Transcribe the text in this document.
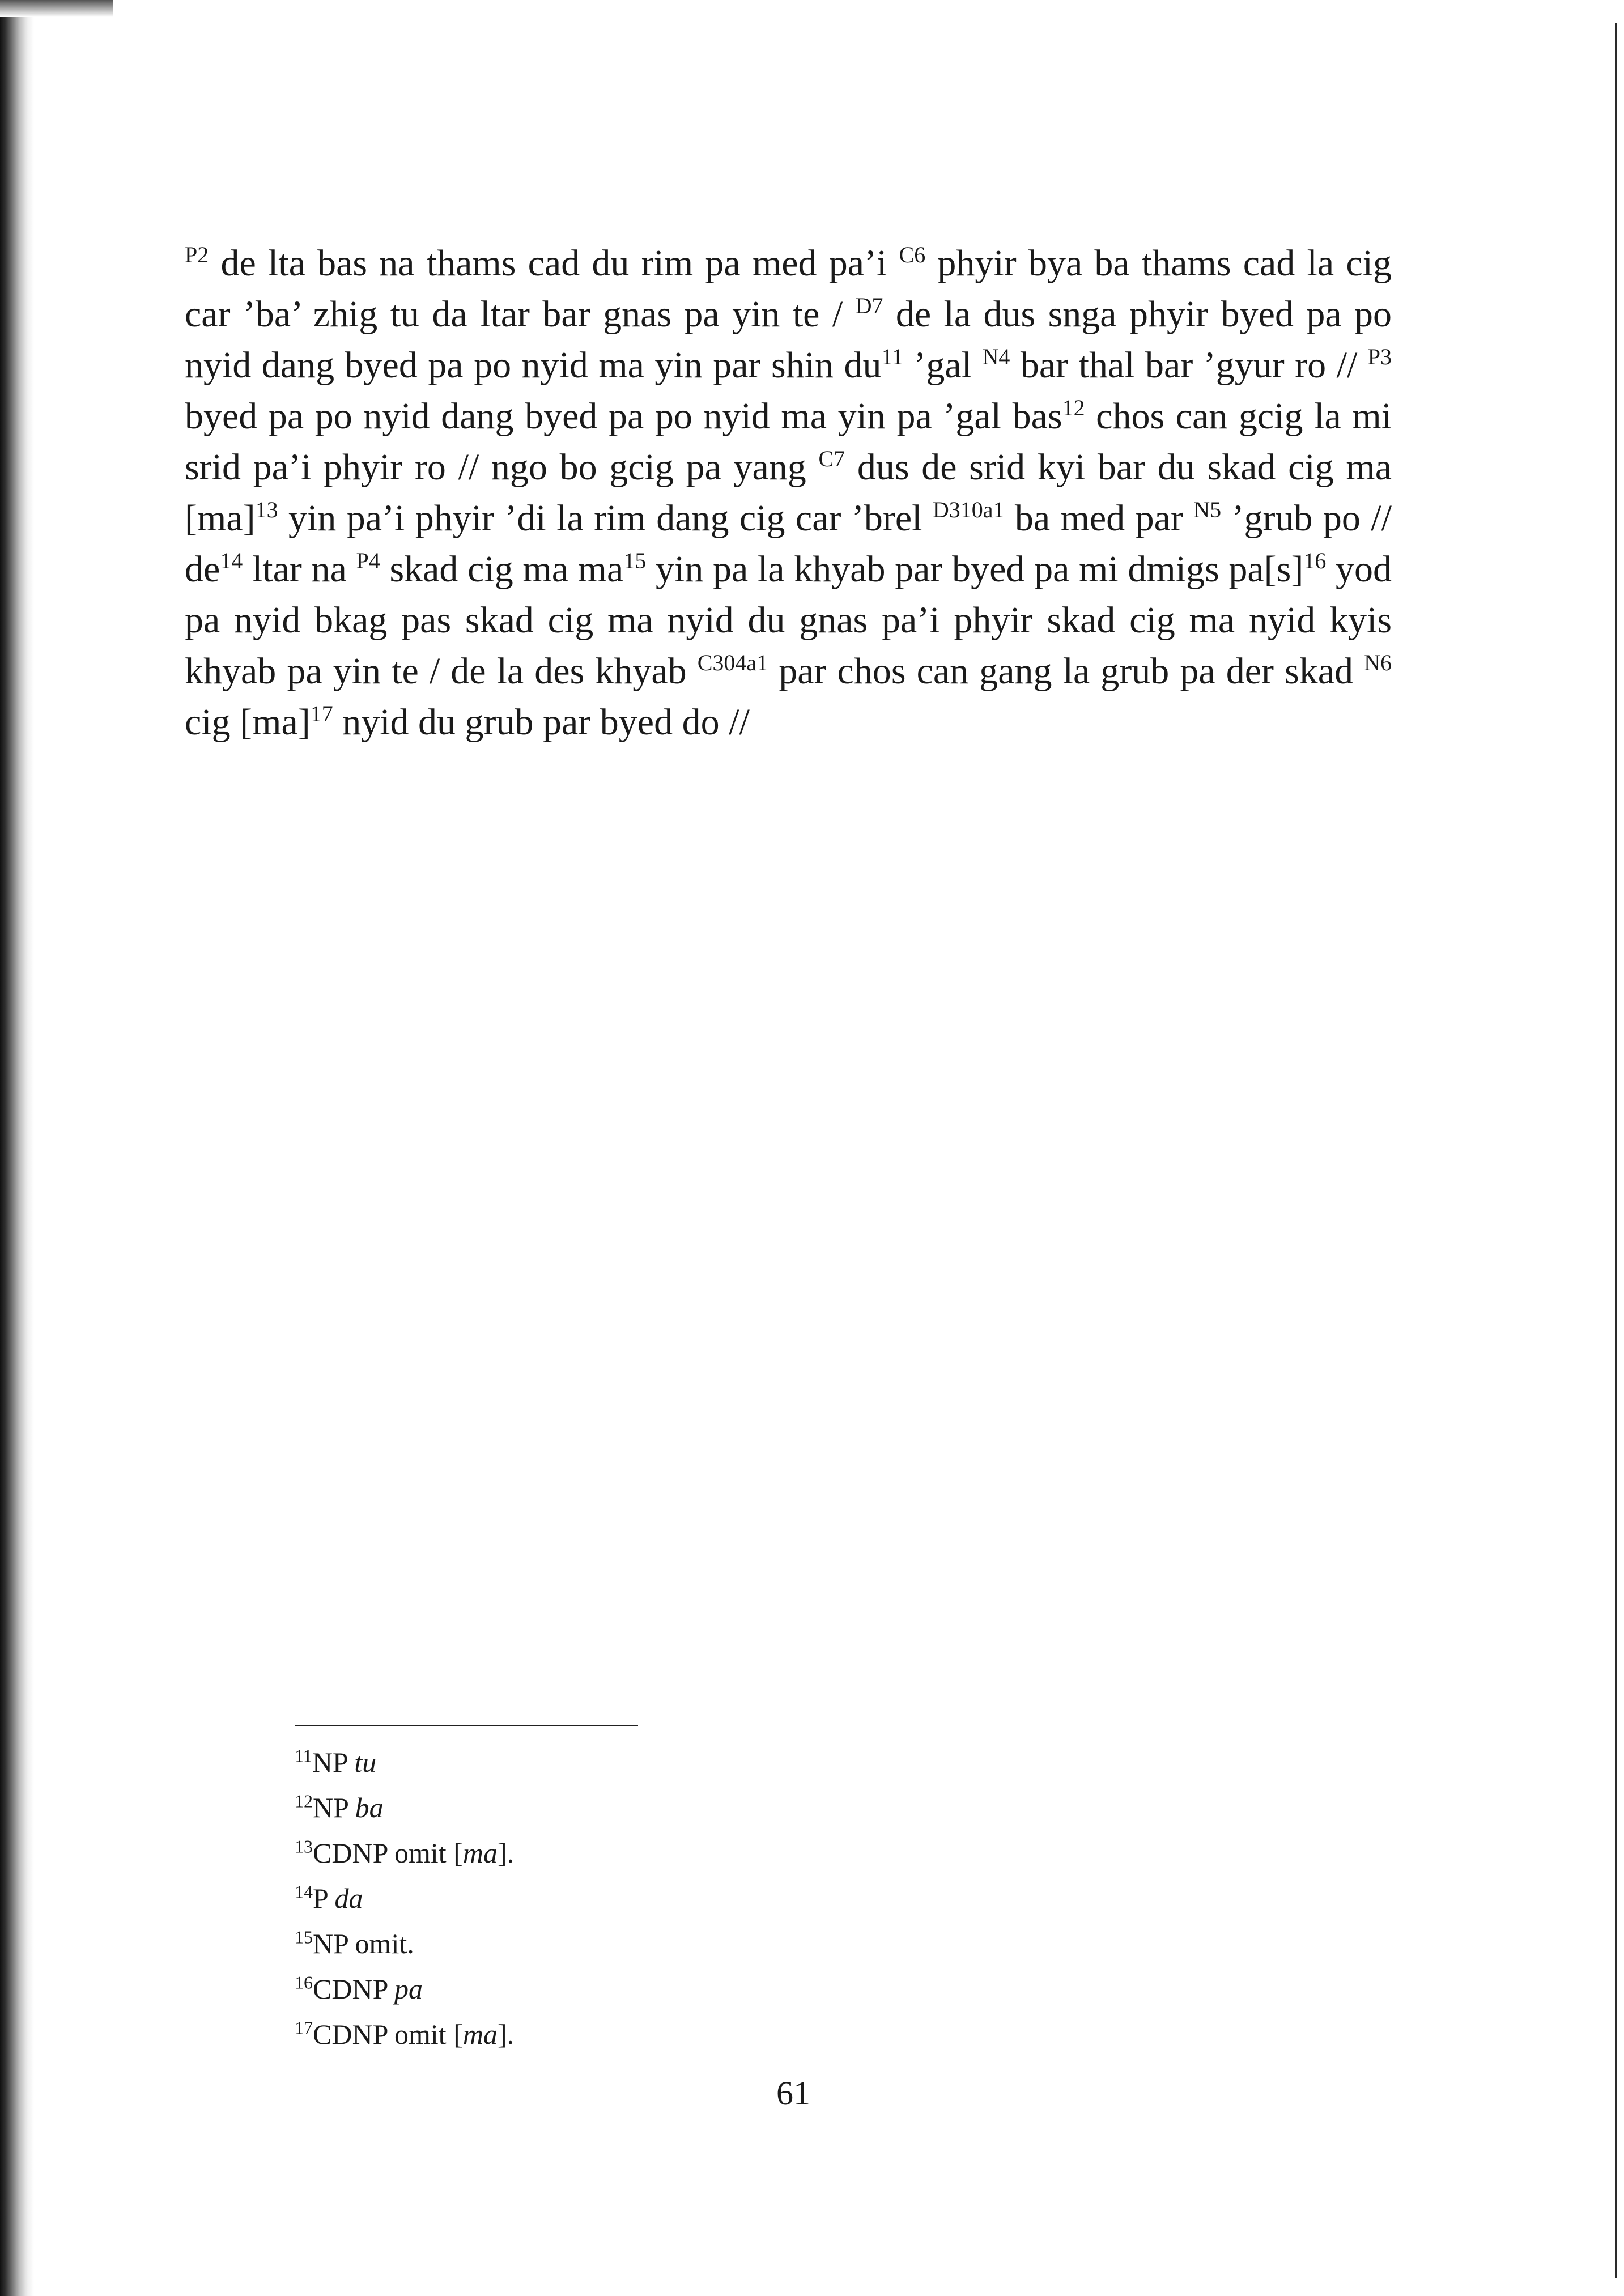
$^{P2}$ de lta bas na thams cad du rim pa med pa’i $^{C6}$ phyir bya ba thams cad la cig car ’ba’ zhig tu da ltar bar gnas pa yin te / $^{D7}$ de la dus snga phyir byed pa po nyid dang byed pa po nyid ma yin par shin $du^{11}$ ’gal $^{N4}$ bar thal bar ’gyur ro // $^{P3}$ byed pa po nyid dang byed pa po nyid ma yin pa ’gal bas$^{12}$ chos can gcig la mi srid pa’i phyir ro // ngo bo gcig pa yang $^{C7}$ dus de srid kyi bar du skad cig ma [ma]$^{13}$ yin pa’i phyir ’di la rim dang cig car ’brel $^{D310a1}$ ba med par $^{N5}$ ’grub po // $de^{14}$ ltar na $^{P4}$ skad cig ma $ma^{15}$ yin pa la khyab par byed pa mi dmigs $pa[s]^{16}$ yod pa nyid bkag pas skad cig ma nyid du gnas pa’i phyir skad cig ma nyid kyis khyab pa yin te / de la des khyab $^{C304a1}$ par chos can gang la grub pa der skad $^{N6}$ cig [ma]$^{17}$ nyid du grub par byed do //
$^{11}$NP tu
$^{12}$NP ba
$^{13}$CDNP omit [ma].
$^{14}$P da
$^{15}$NP omit.
$^{16}$CDNP pa
$^{17}$CDNP omit [ma].
61
